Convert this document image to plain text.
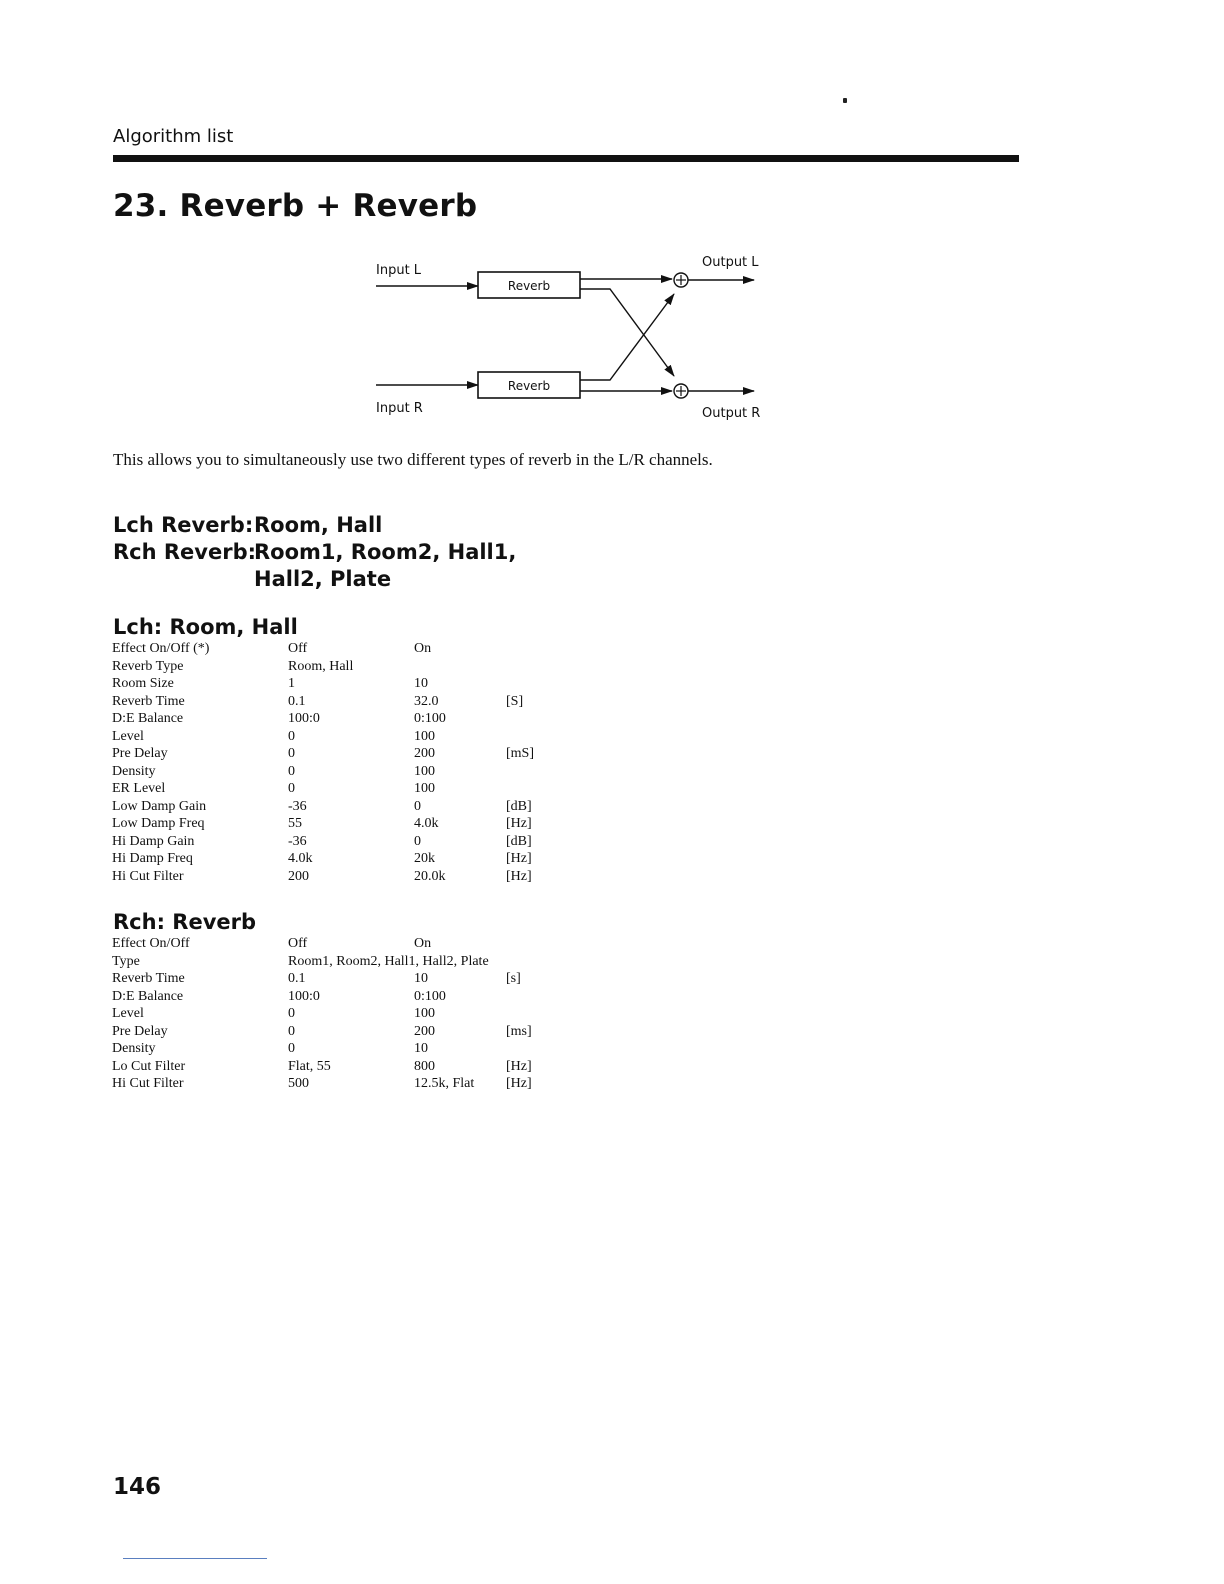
Algorithm list
23. Reverb + Reverb
Input L
Input R
Output L
Output R
Reverb
Reverb
This allows you to simultaneously use two different types of reverb in the L/R channels.
Lch Reverb: Room, Hall
Rch Reverb:
Room1, Room2, Hall1,
Hall2, Plate
Lch: Room, Hall
Effect On/Off (*)	Off	On
Reverb Type	Room, Hall
Room Size	1	10
Reverb Time	0.1	32.0	[S]
D:E Balance	100:0	0:100
Level	0	100
Pre Delay	0	200	[mS]
Density	0	100
ER Level	0	100
Low Damp Gain	-36	0	[dB]
Low Damp Freq	55	4.0k	[Hz]
Hi Damp Gain	-36	0	[dB]
Hi Damp Freq	4.0k	20k	[Hz]
Hi Cut Filter	200	20.0k	[Hz]
Rch: Reverb
Effect On/Off	Off	On
Type	Room1, Room2, Hall1, Hall2, Plate
Reverb Time	0.1	10	[s]
D:E Balance	100:0	0:100
Level	0	100
Pre Delay	0	200	[ms]
Density	0	10
Lo Cut Filter	Flat, 55	800	[Hz]
Hi Cut Filter	500	12.5k, Flat [Hz]
146
